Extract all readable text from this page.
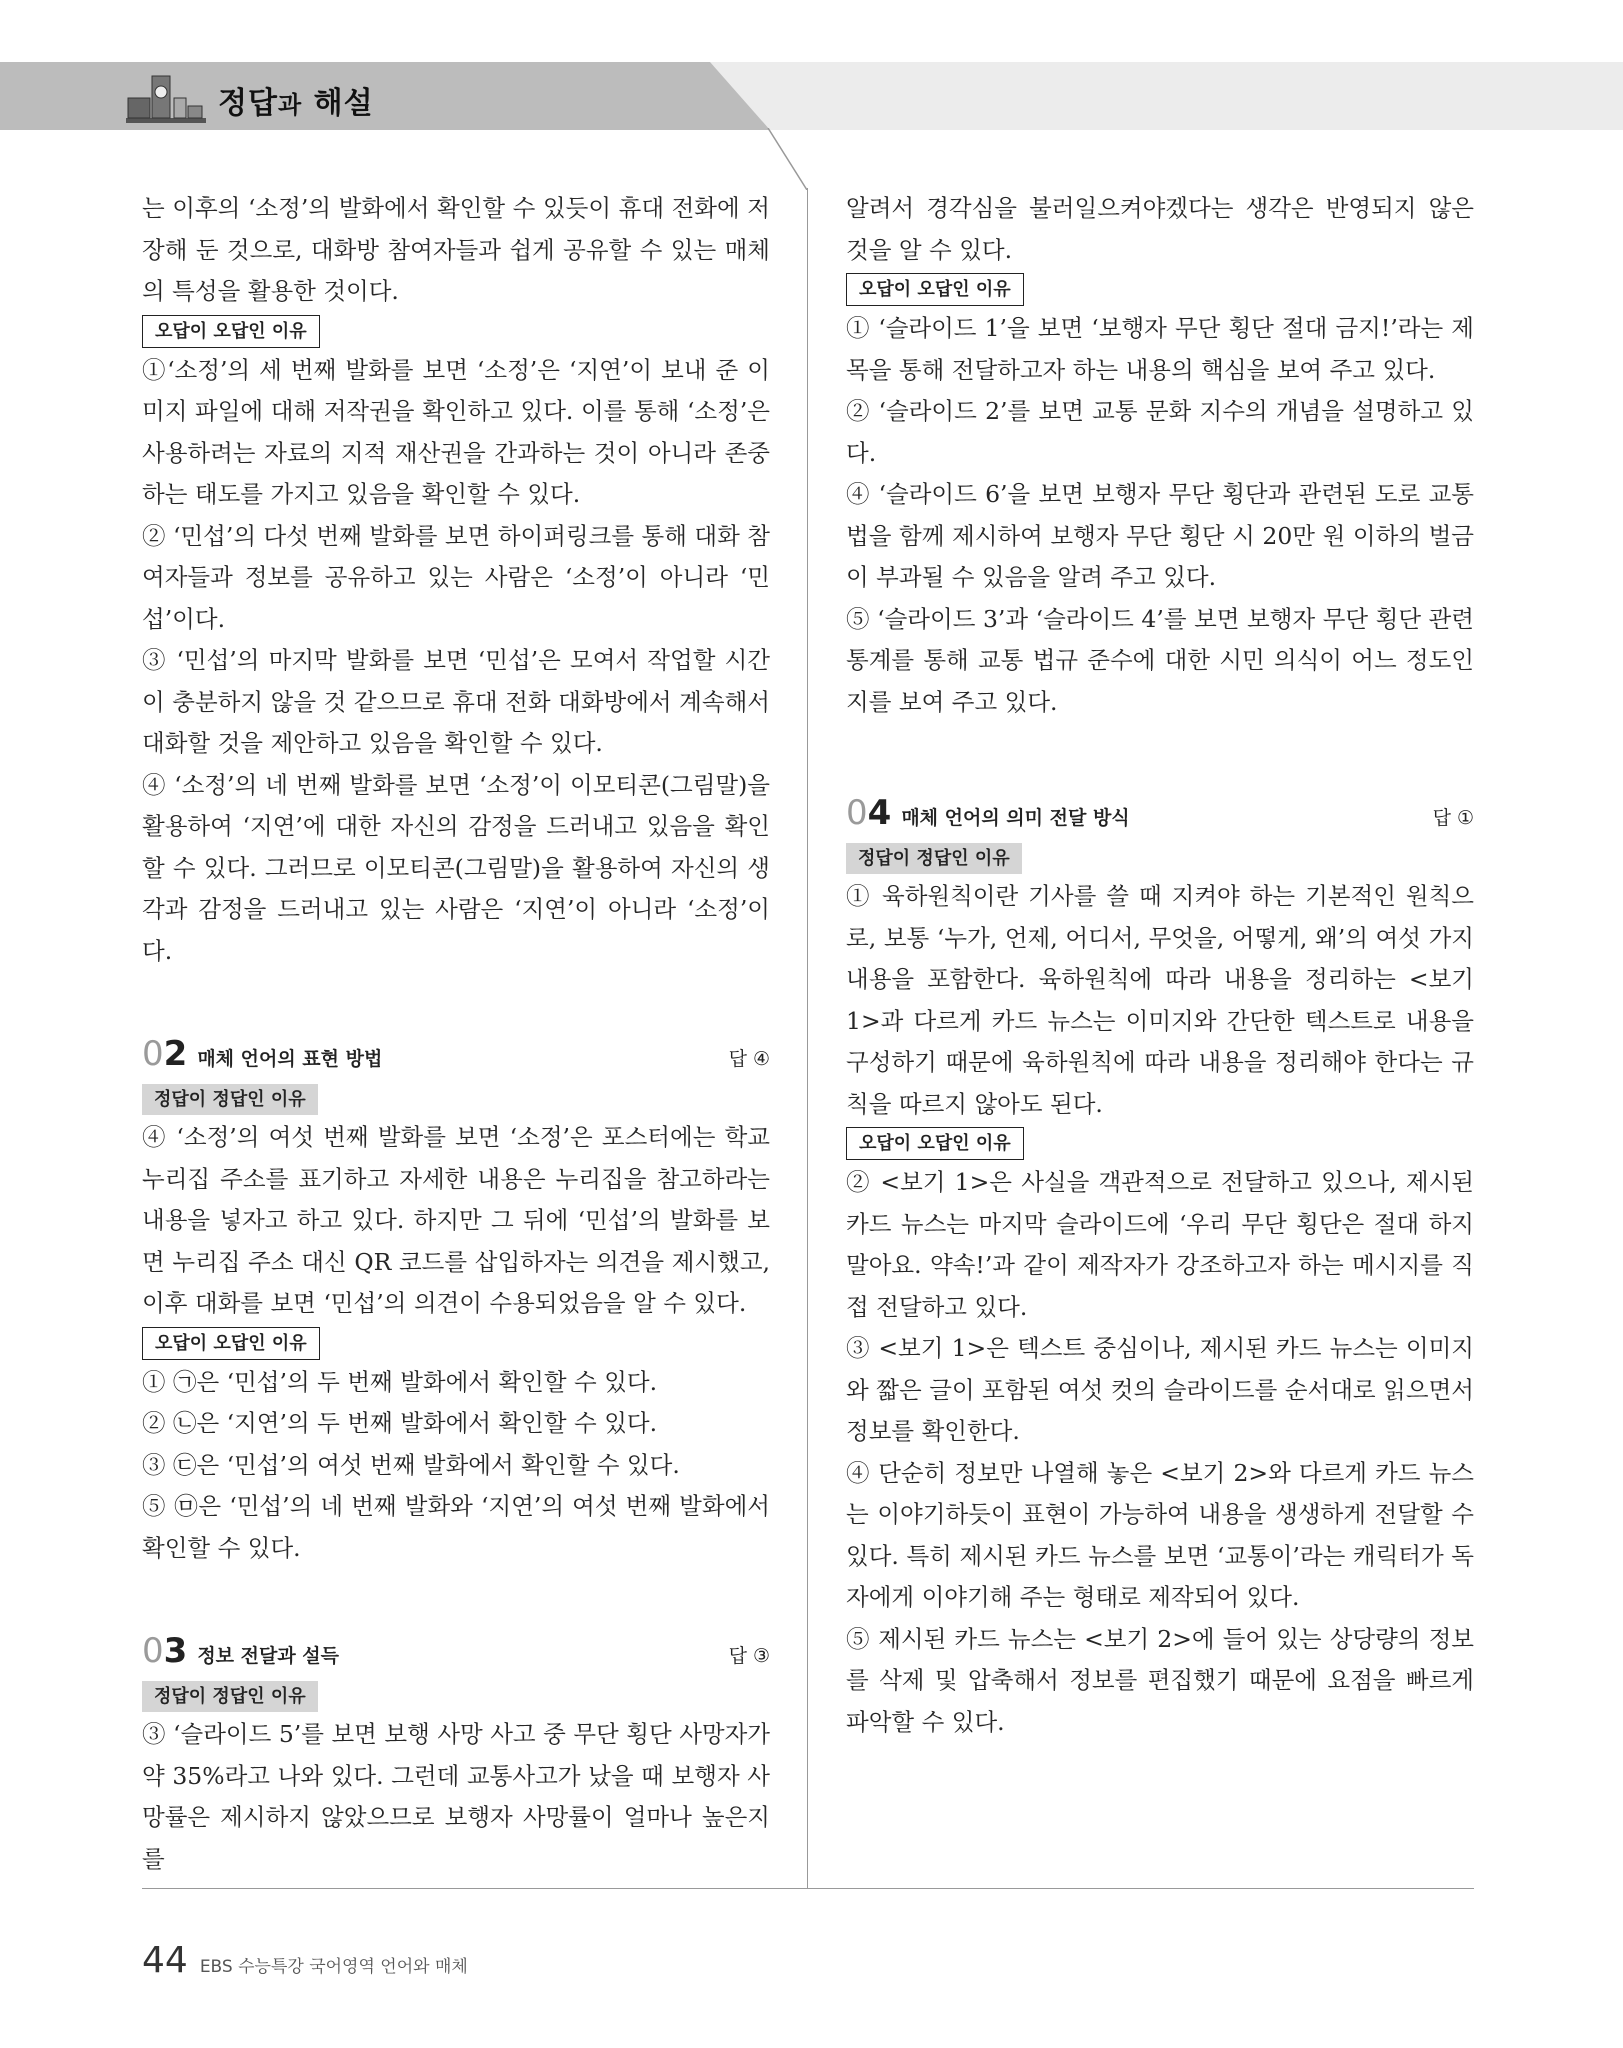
정답과 해설

는 이후의 ‘소정’의 발화에서 확인할 수 있듯이 휴대 전화에 저장해 둔 것으로, 대화방 참여자들과 쉽게 공유할 수 있는 매체의 특성을 활용한 것이다.

오답이 오답인 이유

①‘소정’의 세 번째 발화를 보면 ‘소정’은 ‘지연’이 보내 준 이미지 파일에 대해 저작권을 확인하고 있다. 이를 통해 ‘소정’은 사용하려는 자료의 지적 재산권을 간과하는 것이 아니라 존중하는 태도를 가지고 있음을 확인할 수 있다.

② ‘민섭’의 다섯 번째 발화를 보면 하이퍼링크를 통해 대화 참여자들과 정보를 공유하고 있는 사람은 ‘소정’이 아니라 ‘민섭’이다.

③ ‘민섭’의 마지막 발화를 보면 ‘민섭’은 모여서 작업할 시간이 충분하지 않을 것 같으므로 휴대 전화 대화방에서 계속해서 대화할 것을 제안하고 있음을 확인할 수 있다.

④ ‘소정’의 네 번째 발화를 보면 ‘소정’이 이모티콘(그림말)을 활용하여 ‘지연’에 대한 자신의 감정을 드러내고 있음을 확인할 수 있다. 그러므로 이모티콘(그림말)을 활용하여 자신의 생각과 감정을 드러내고 있는 사람은 ‘지연’이 아니라 ‘소정’이다.

02 매체 언어의 표현 방법	답 ④
정답이 정답인 이유

④ ‘소정’의 여섯 번째 발화를 보면 ‘소정’은 포스터에는 학교 누리집 주소를 표기하고 자세한 내용은 누리집을 참고하라는 내용을 넣자고 하고 있다. 하지만 그 뒤에 ‘민섭’의 발화를 보면 누리집 주소 대신 QR 코드를 삽입하자는 의견을 제시했고, 이후 대화를 보면 ‘민섭’의 의견이 수용되었음을 알 수 있다.

오답이 오답인 이유

① ㉠은 ‘민섭’의 두 번째 발화에서 확인할 수 있다.

② ㉡은 ‘지연’의 두 번째 발화에서 확인할 수 있다.

③ ㉢은 ‘민섭’의 여섯 번째 발화에서 확인할 수 있다.

⑤ ㉤은 ‘민섭’의 네 번째 발화와 ‘지연’의 여섯 번째 발화에서 확인할 수 있다.

03 정보 전달과 설득	답 ③
정답이 정답인 이유

③ ‘슬라이드 5’를 보면 보행 사망 사고 중 무단 횡단 사망자가 약 35%라고 나와 있다. 그런데 교통사고가 났을 때 보행자 사망률은 제시하지 않았으므로 보행자 사망률이 얼마나 높은지를

알려서 경각심을 불러일으켜야겠다는 생각은 반영되지 않은 것을 알 수 있다.

오답이 오답인 이유

① ‘슬라이드 1’을 보면 ‘보행자 무단 횡단 절대 금지!’라는 제목을 통해 전달하고자 하는 내용의 핵심을 보여 주고 있다.

② ‘슬라이드 2’를 보면 교통 문화 지수의 개념을 설명하고 있다.

④ ‘슬라이드 6’을 보면 보행자 무단 횡단과 관련된 도로 교통법을 함께 제시하여 보행자 무단 횡단 시 20만 원 이하의 벌금이 부과될 수 있음을 알려 주고 있다.

⑤ ‘슬라이드 3’과 ‘슬라이드 4’를 보면 보행자 무단 횡단 관련 통계를 통해 교통 법규 준수에 대한 시민 의식이 어느 정도인지를 보여 주고 있다.

04 매체 언어의 의미 전달 방식	답 ①
정답이 정답인 이유

① 육하원칙이란 기사를 쓸 때 지켜야 하는 기본적인 원칙으로, 보통 ‘누가, 언제, 어디서, 무엇을, 어떻게, 왜’의 여섯 가지 내용을 포함한다. 육하원칙에 따라 내용을 정리하는 <보기 1>과 다르게 카드 뉴스는 이미지와 간단한 텍스트로 내용을 구성하기 때문에 육하원칙에 따라 내용을 정리해야 한다는 규칙을 따르지 않아도 된다.

오답이 오답인 이유

② <보기 1>은 사실을 객관적으로 전달하고 있으나, 제시된 카드 뉴스는 마지막 슬라이드에 ‘우리 무단 횡단은 절대 하지 말아요. 약속!’과 같이 제작자가 강조하고자 하는 메시지를 직접 전달하고 있다.

③ <보기 1>은 텍스트 중심이나, 제시된 카드 뉴스는 이미지와 짧은 글이 포함된 여섯 컷의 슬라이드를 순서대로 읽으면서 정보를 확인한다.

④ 단순히 정보만 나열해 놓은 <보기 2>와 다르게 카드 뉴스는 이야기하듯이 표현이 가능하여 내용을 생생하게 전달할 수 있다. 특히 제시된 카드 뉴스를 보면 ‘교통이’라는 캐릭터가 독자에게 이야기해 주는 형태로 제작되어 있다.

⑤ 제시된 카드 뉴스는 <보기 2>에 들어 있는 상당량의 정보를 삭제 및 압축해서 정보를 편집했기 때문에 요점을 빠르게 파악할 수 있다.

44 EBS 수능특강 국어영역 언어와 매체
